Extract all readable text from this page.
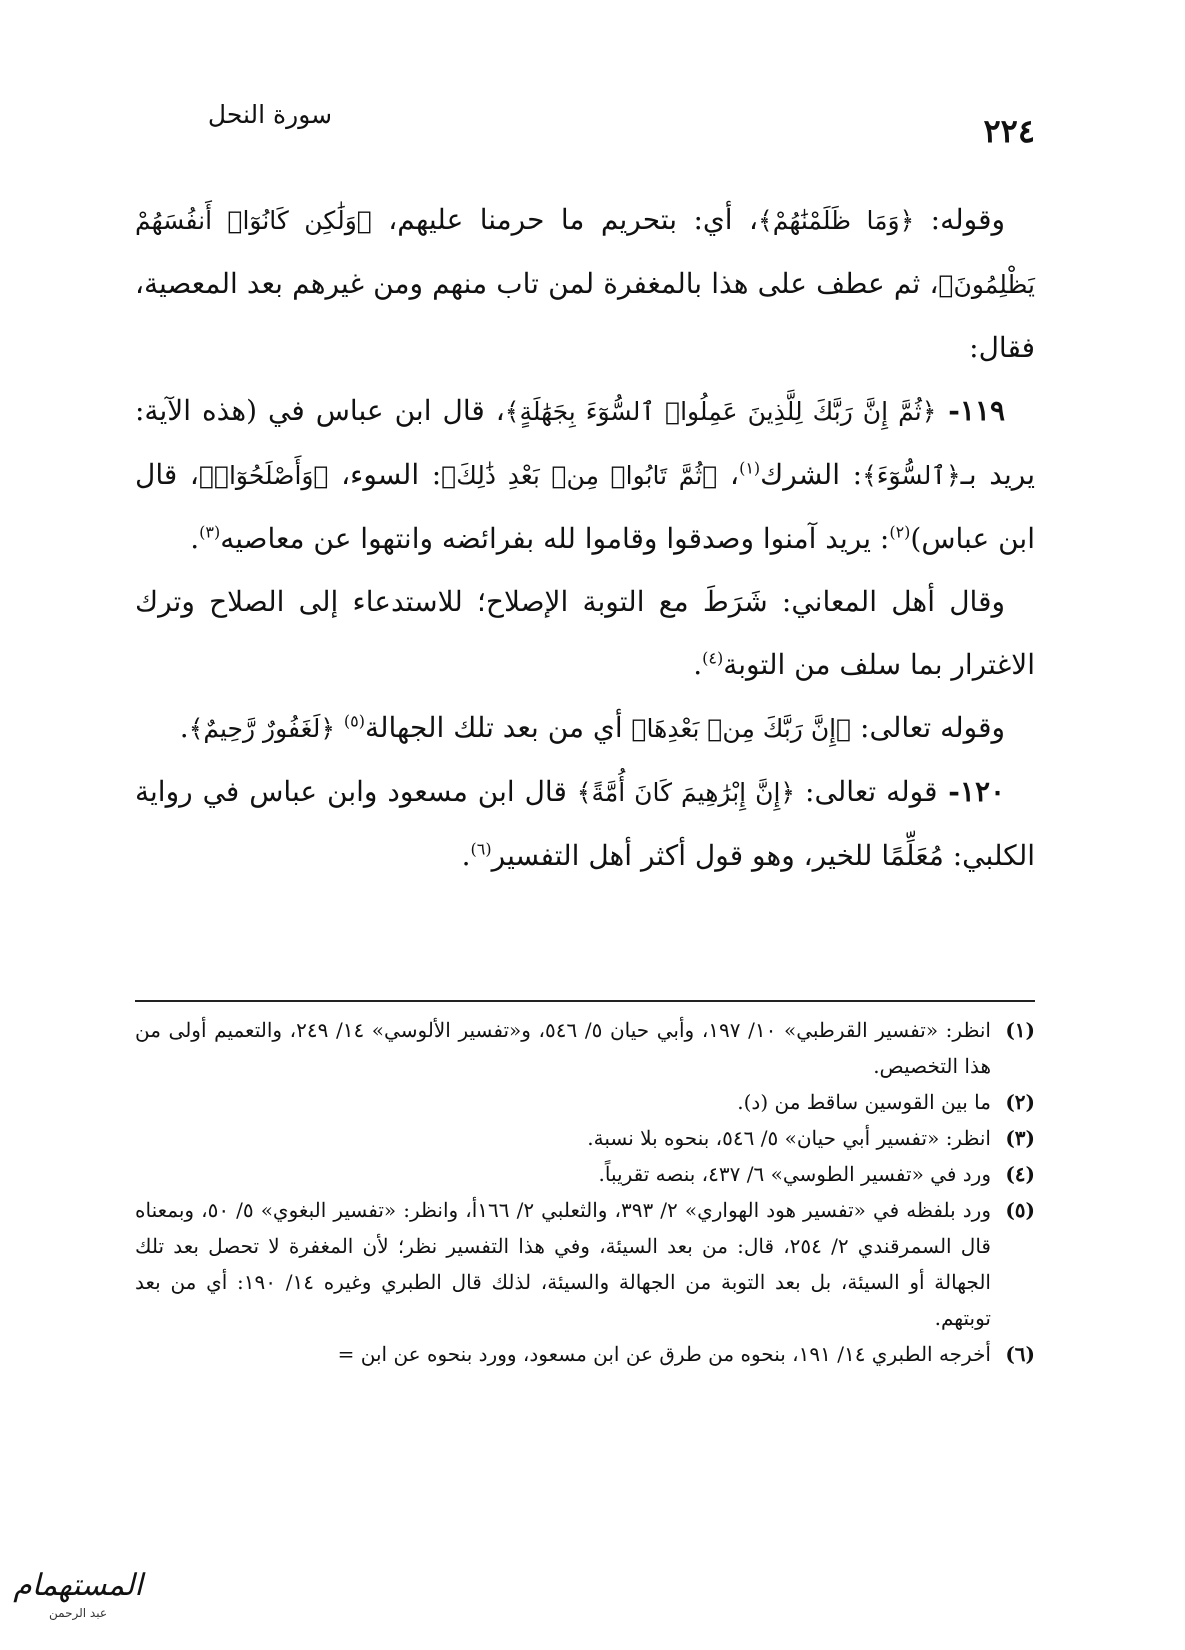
سورة النحل	٢٢٤

وقوله: ﴿وَمَا ظَلَمْنَٰهُمْ﴾، أي: بتحريم ما حرمنا عليهم، ﴿وَلَٰكِن كَانُوٓا۟ أَنفُسَهُمْ يَظْلِمُونَ﴾، ثم عطف على هذا بالمغفرة لمن تاب منهم ومن غيرهم بعد المعصية، فقال:

١١٩- ﴿ثُمَّ إِنَّ رَبَّكَ لِلَّذِينَ عَمِلُوا۟ ٱلسُّوٓءَ بِجَهَٰلَةٍ﴾، قال ابن عباس في (هذه الآية: يريد بـ﴿ٱلسُّوٓءَ﴾: الشرك$^{(١)}$، ﴿ثُمَّ تَابُوا۟ مِنۢ بَعْدِ ذَٰلِكَ﴾: السوء، ﴿وَأَصْلَحُوٓا۟﴾، قال ابن عباس)$^{(٢)}$: يريد آمنوا وصدقوا وقاموا لله بفرائضه وانتهوا عن معاصيه$^{(٣)}$.

وقال أهل المعاني: شَرَطَ مع التوبة الإصلاح؛ للاستدعاء إلى الصلاح وترك الاغترار بما سلف من التوبة$^{(٤)}$.

وقوله تعالى: ﴿إِنَّ رَبَّكَ مِنۢ بَعْدِهَا﴾ أي من بعد تلك الجهالة$^{(٥)}$ ﴿لَغَفُورٌ رَّحِيمٌ﴾.

١٢٠- قوله تعالى: ﴿إِنَّ إِبْرَٰهِيمَ كَانَ أُمَّةً﴾ قال ابن مسعود وابن عباس في رواية الكلبي: مُعَلِّمًا للخير، وهو قول أكثر أهل التفسير$^{(٦)}$.

(١)
انظر: «تفسير القرطبي» ١٠/ ١٩٧، وأبي حيان ٥/ ٥٤٦، و«تفسير الألوسي» ١٤/ ٢٤٩، والتعميم أولى من هذا التخصيص.
(٢)
ما بين القوسين ساقط من (د).
(٣)
انظر: «تفسير أبي حيان» ٥/ ٥٤٦، بنحوه بلا نسبة.
(٤)
ورد في «تفسير الطوسي» ٦/ ٤٣٧، بنصه تقريباً.
(٥)
ورد بلفظه في «تفسير هود الهواري» ٢/ ٣٩٣، والثعلبي ٢/ ١٦٦أ، وانظر: «تفسير البغوي» ٥/ ٥٠، وبمعناه قال السمرقندي ٢/ ٢٥٤، قال: من بعد السيئة، وفي هذا التفسير نظر؛ لأن المغفرة لا تحصل بعد تلك الجهالة أو السيئة، بل بعد التوبة من الجهالة والسيئة، لذلك قال الطبري وغيره ١٤/ ١٩٠: أي من بعد توبتهم.
(٦)
أخرجه الطبري ١٤/ ١٩١، بنحوه من طرق عن ابن مسعود، وورد بنحوه عن ابن =
المستهمام
عبد الرحمن
